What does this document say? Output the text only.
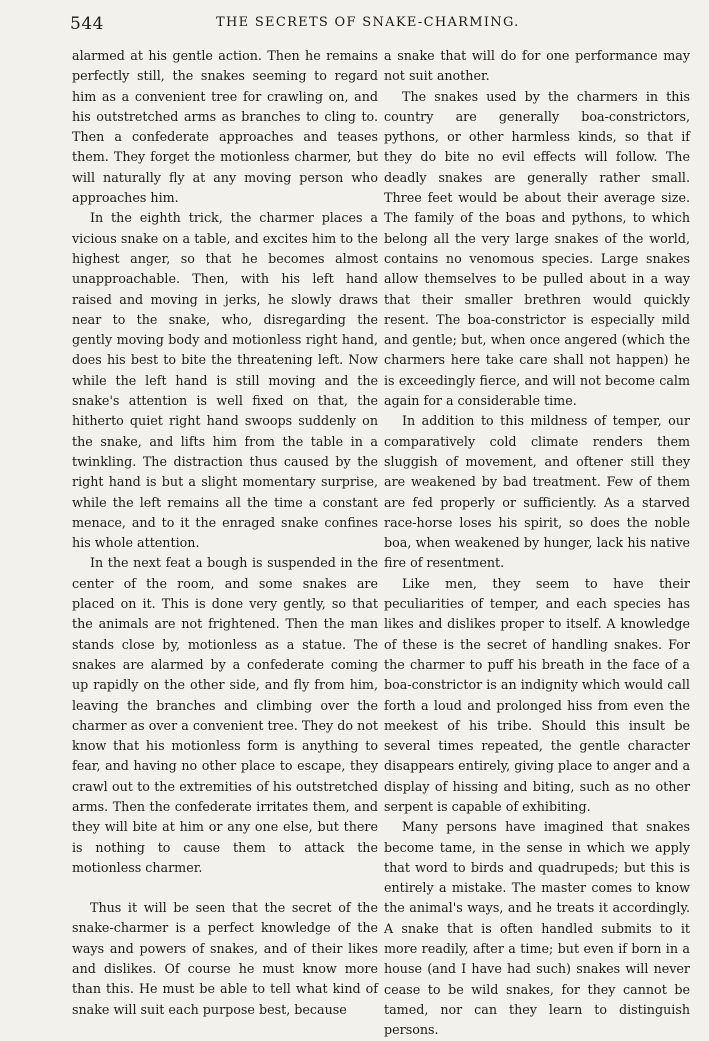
544	THE SECRETS OF SNAKE-CHARMING.

alarmed at his gentle action. Then he remains perfectly still, the snakes seeming to regard him as a convenient tree for crawling on, and his outstretched arms as branches to cling to. Then a confederate approaches and teases them. They forget the motionless charmer, but will naturally fly at any moving person who approaches him.

In the eighth trick, the charmer places a vicious snake on a table, and excites him to the highest anger, so that he becomes almost unapproachable. Then, with his left hand raised and moving in jerks, he slowly draws near to the snake, who, disregarding the gently moving body and motionless right hand, does his best to bite the threatening left. Now while the left hand is still moving and the snake's attention is well fixed on that, the hitherto quiet right hand swoops suddenly on the snake, and lifts him from the table in a twinkling. The distraction thus caused by the right hand is but a slight momentary surprise, while the left remains all the time a constant menace, and to it the enraged snake confines his whole attention.

In the next feat a bough is suspended in the center of the room, and some snakes are placed on it. This is done very gently, so that the animals are not frightened. Then the man stands close by, motionless as a statue. The snakes are alarmed by a confederate coming up rapidly on the other side, and fly from him, leaving the branches and climbing over the charmer as over a convenient tree. They do not know that his motionless form is anything to fear, and having no other place to escape, they crawl out to the extremities of his outstretched arms. Then the confederate irritates them, and they will bite at him or any one else, but there is nothing to cause them to attack the motionless charmer.

Thus it will be seen that the secret of the snake-charmer is a perfect knowledge of the ways and powers of snakes, and of their likes and dislikes. Of course he must know more than this. He must be able to tell what kind of snake will suit each purpose best, because

a snake that will do for one performance may not suit another.

The snakes used by the charmers in this country are generally boa-constrictors, pythons, or other harmless kinds, so that if they do bite no evil effects will follow. The deadly snakes are generally rather small. Three feet would be about their average size. The family of the boas and pythons, to which belong all the very large snakes of the world, contains no venomous species. Large snakes allow themselves to be pulled about in a way that their smaller brethren would quickly resent. The boa-constrictor is especially mild and gentle; but, when once angered (which the charmers here take care shall not happen) he is exceedingly fierce, and will not become calm again for a considerable time.

In addition to this mildness of temper, our comparatively cold climate renders them sluggish of movement, and oftener still they are weakened by bad treatment. Few of them are fed properly or sufficiently. As a starved race-horse loses his spirit, so does the noble boa, when weakened by hunger, lack his native fire of resentment.

Like men, they seem to have their peculiarities of temper, and each species has likes and dislikes proper to itself. A knowledge of these is the secret of handling snakes. For the charmer to puff his breath in the face of a boa-constrictor is an indignity which would call forth a loud and prolonged hiss from even the meekest of his tribe. Should this insult be several times repeated, the gentle character disappears entirely, giving place to anger and a display of hissing and biting, such as no other serpent is capable of exhibiting.

Many persons have imagined that snakes become tame, in the sense in which we apply that word to birds and quadrupeds; but this is entirely a mistake. The master comes to know the animal's ways, and he treats it accordingly. A snake that is often handled submits to it more readily, after a time; but even if born in a house (and I have had such) snakes will never cease to be wild snakes, for they cannot be tamed, nor can they learn to distinguish persons.
